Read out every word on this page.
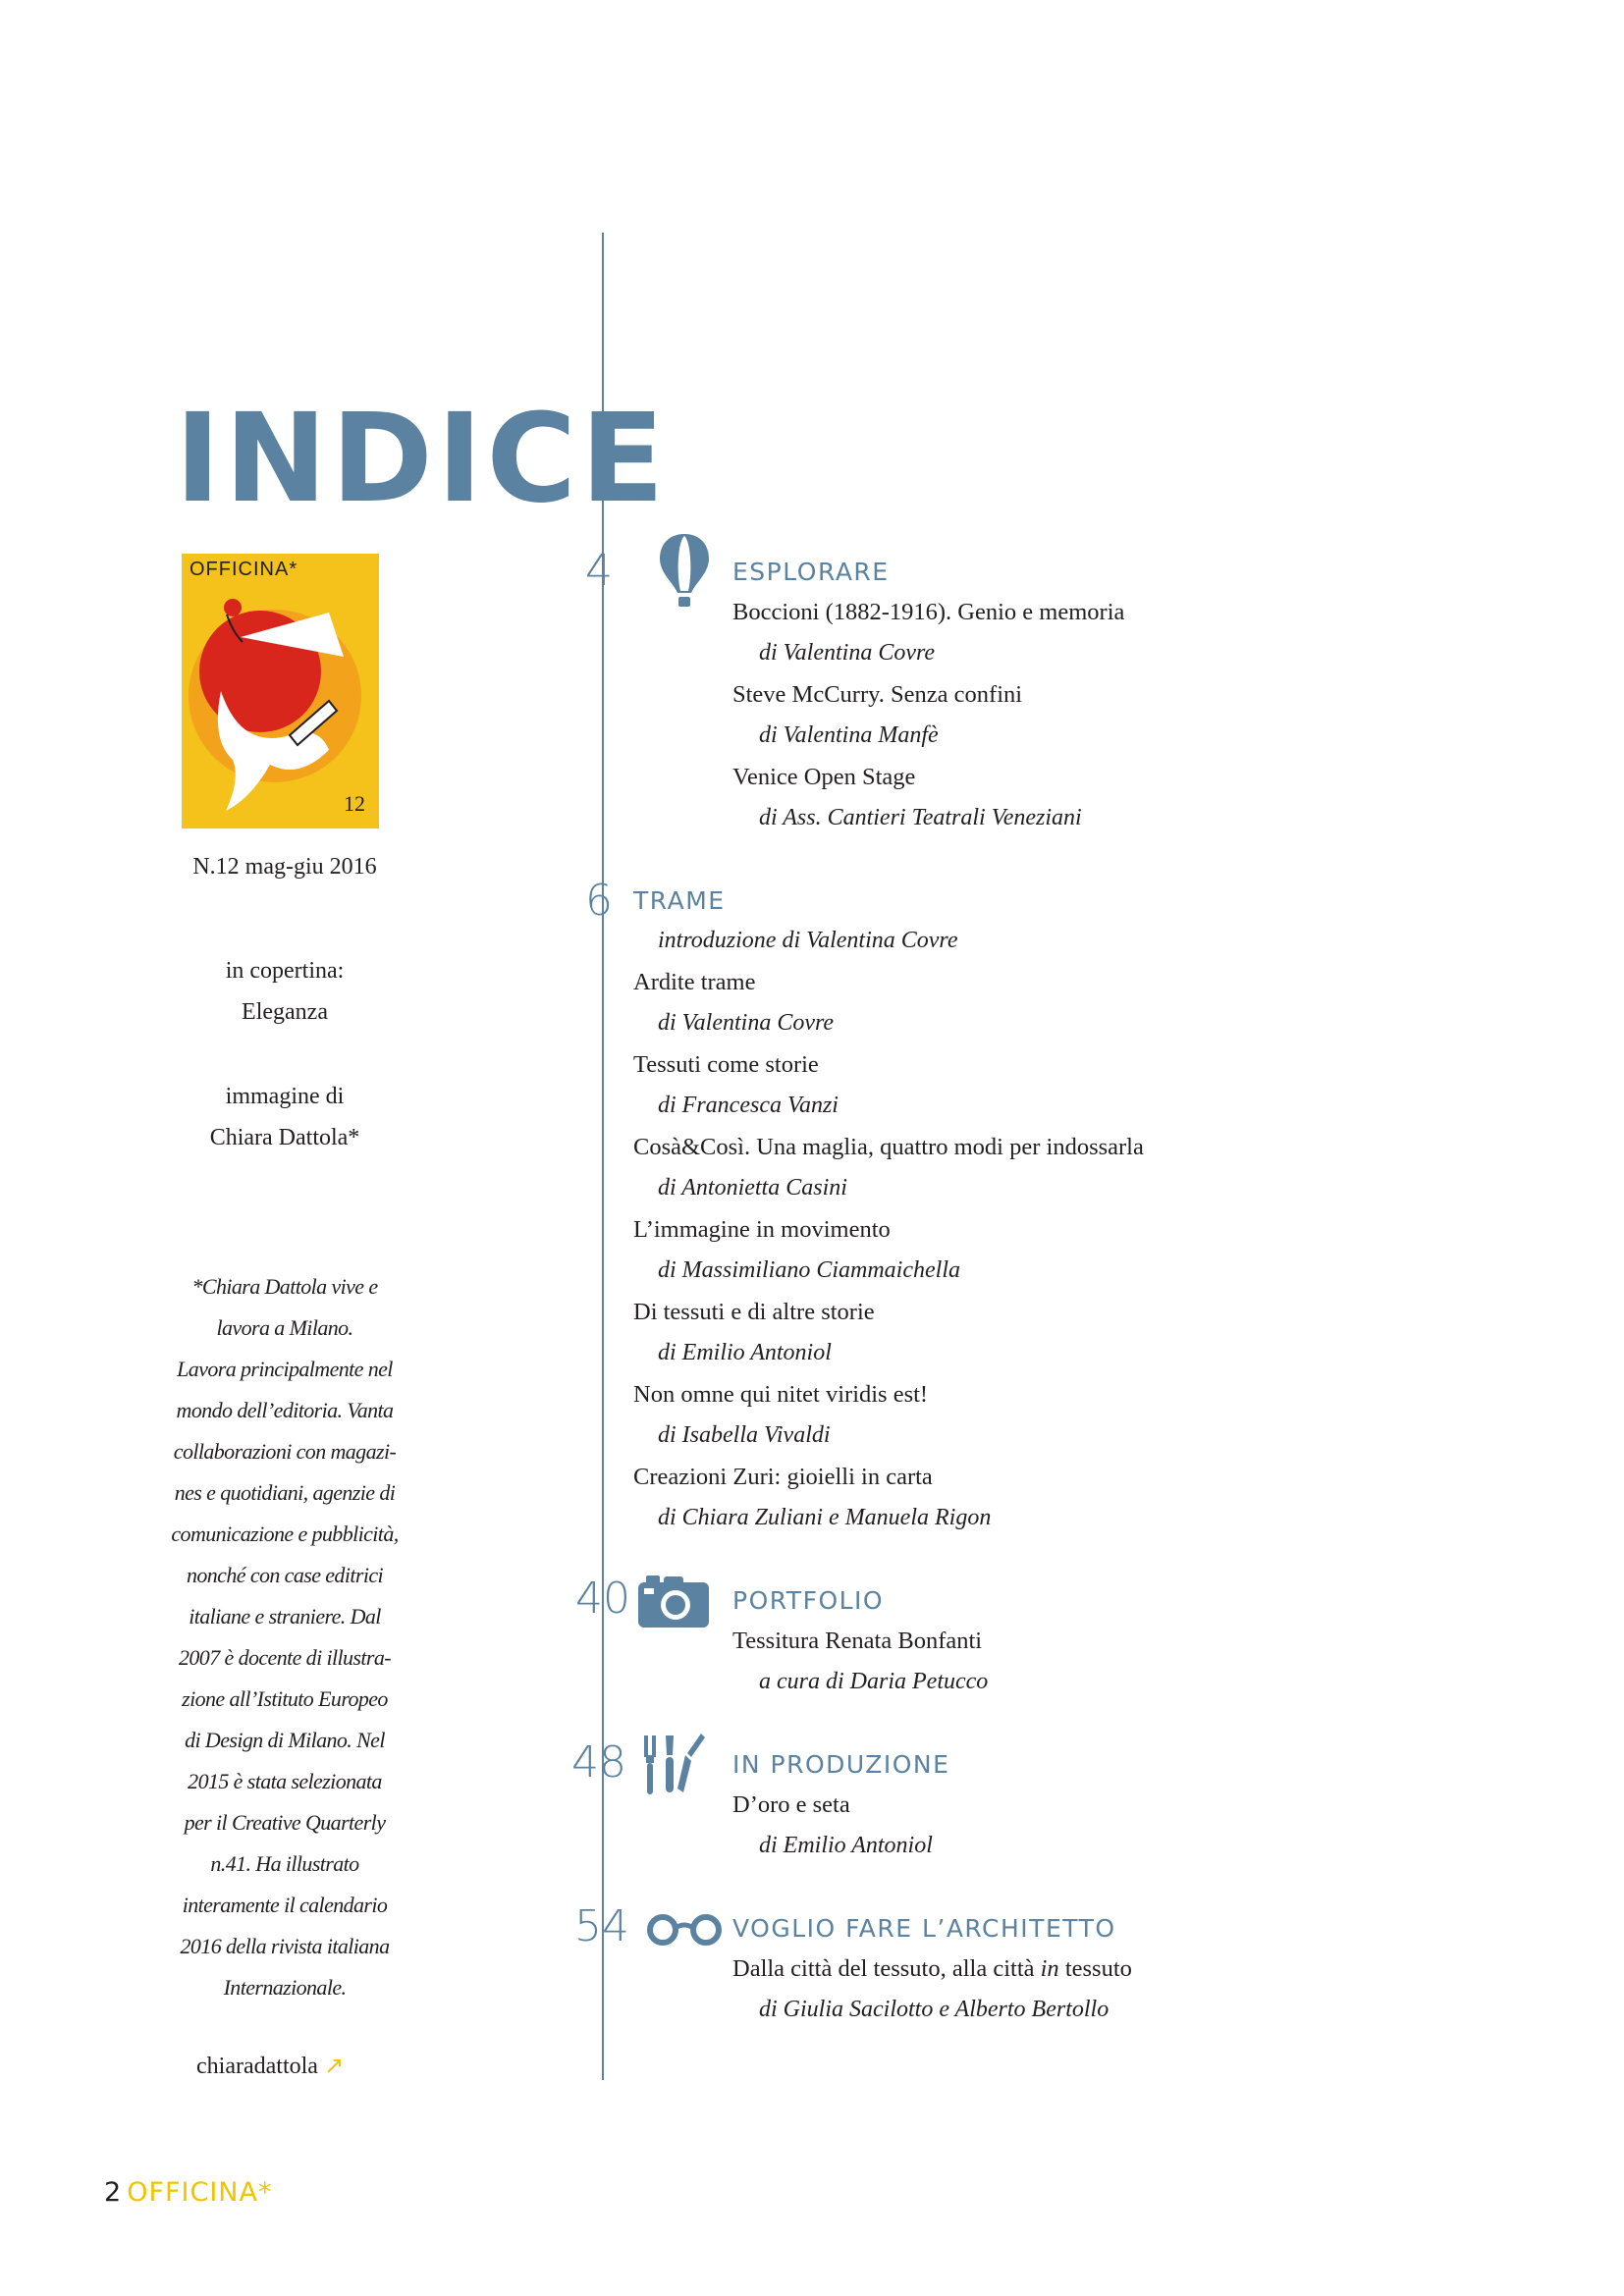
INDICE
OFFICINA*
12
N.12 mag-giu 2016
in copertina:
Eleganza
immagine di
Chiara Dattola*
*Chiara Dattola vive e
lavora a Milano.
Lavora principalmente nel
mondo dell’editoria. Vanta
collaborazioni con magazi-
nes e quotidiani, agenzie di
comunicazione e pubblicità,
nonché con case editrici
italiane e straniere. Dal
2007 è docente di illustra-
zione all’Istituto Europeo
di Design di Milano. Nel
2015 è stata selezionata
per il Creative Quarterly
n.41. Ha illustrato
interamente il calendario
2016 della rivista italiana
Internazionale.
chiaradattola ↗
4	ESPLORARE
Boccioni (1882-1916). Genio e memoria
di Valentina Covre
Steve McCurry. Senza confini
di Valentina Manfè
Venice Open Stage
di Ass. Cantieri Teatrali Veneziani
6 TRAME
introduzione di Valentina Covre
Ardite trame
di Valentina Covre
Tessuti come storie
di Francesca Vanzi
Cosà&Così. Una maglia, quattro modi per indossarla
di Antonietta Casini
L’immagine in movimento
di Massimiliano Ciammaichella
Di tessuti e di altre storie
di Emilio Antoniol
Non omne qui nitet viridis est!
di Isabella Vivaldi
Creazioni Zuri: gioielli in carta
di Chiara Zuliani e Manuela Rigon
40	PORTFOLIO
Tessitura Renata Bonfanti
a cura di Daria Petucco
48	IN PRODUZIONE
D’oro e seta
di Emilio Antoniol
54	VOGLIO FARE L’ARCHITETTO
Dalla città del tessuto, alla città in tessuto
di Giulia Sacilotto e Alberto Bertollo
2 OFFICINA*
